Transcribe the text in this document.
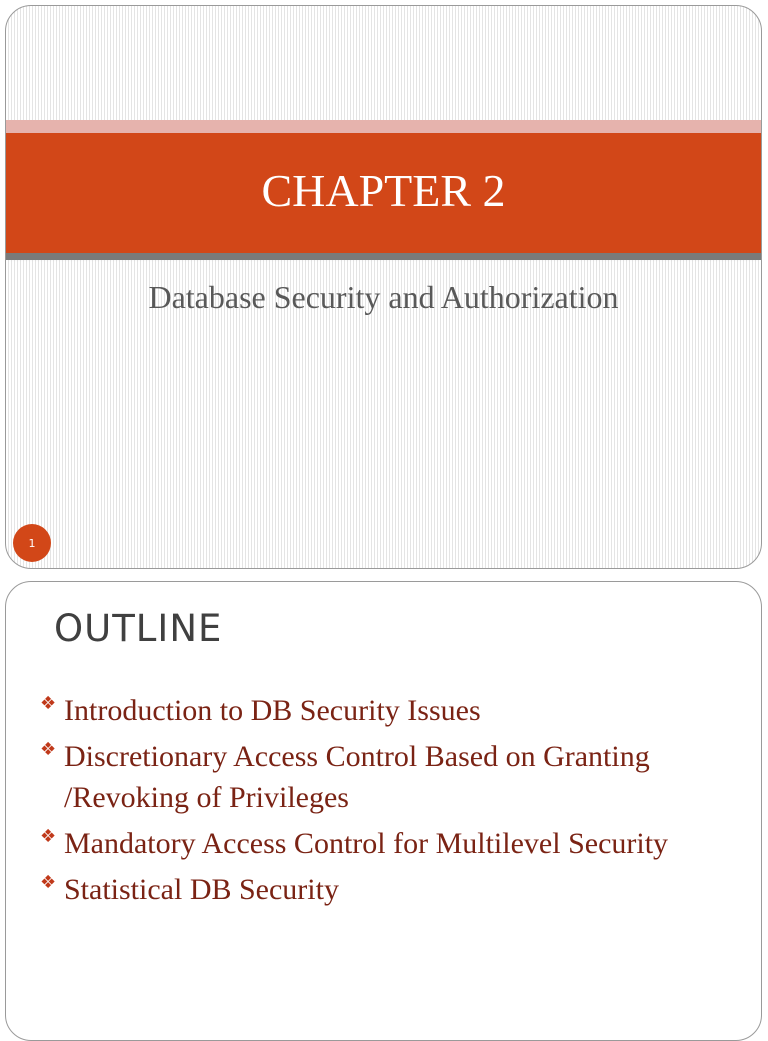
CHAPTER 2

Database Security and Authorization

1
OUTLINE
❖ Introduction to DB Security Issues
❖ Discretionary Access Control Based on Granting /Revoking of Privileges
❖ Mandatory Access Control for Multilevel Security
❖ Statistical DB Security
